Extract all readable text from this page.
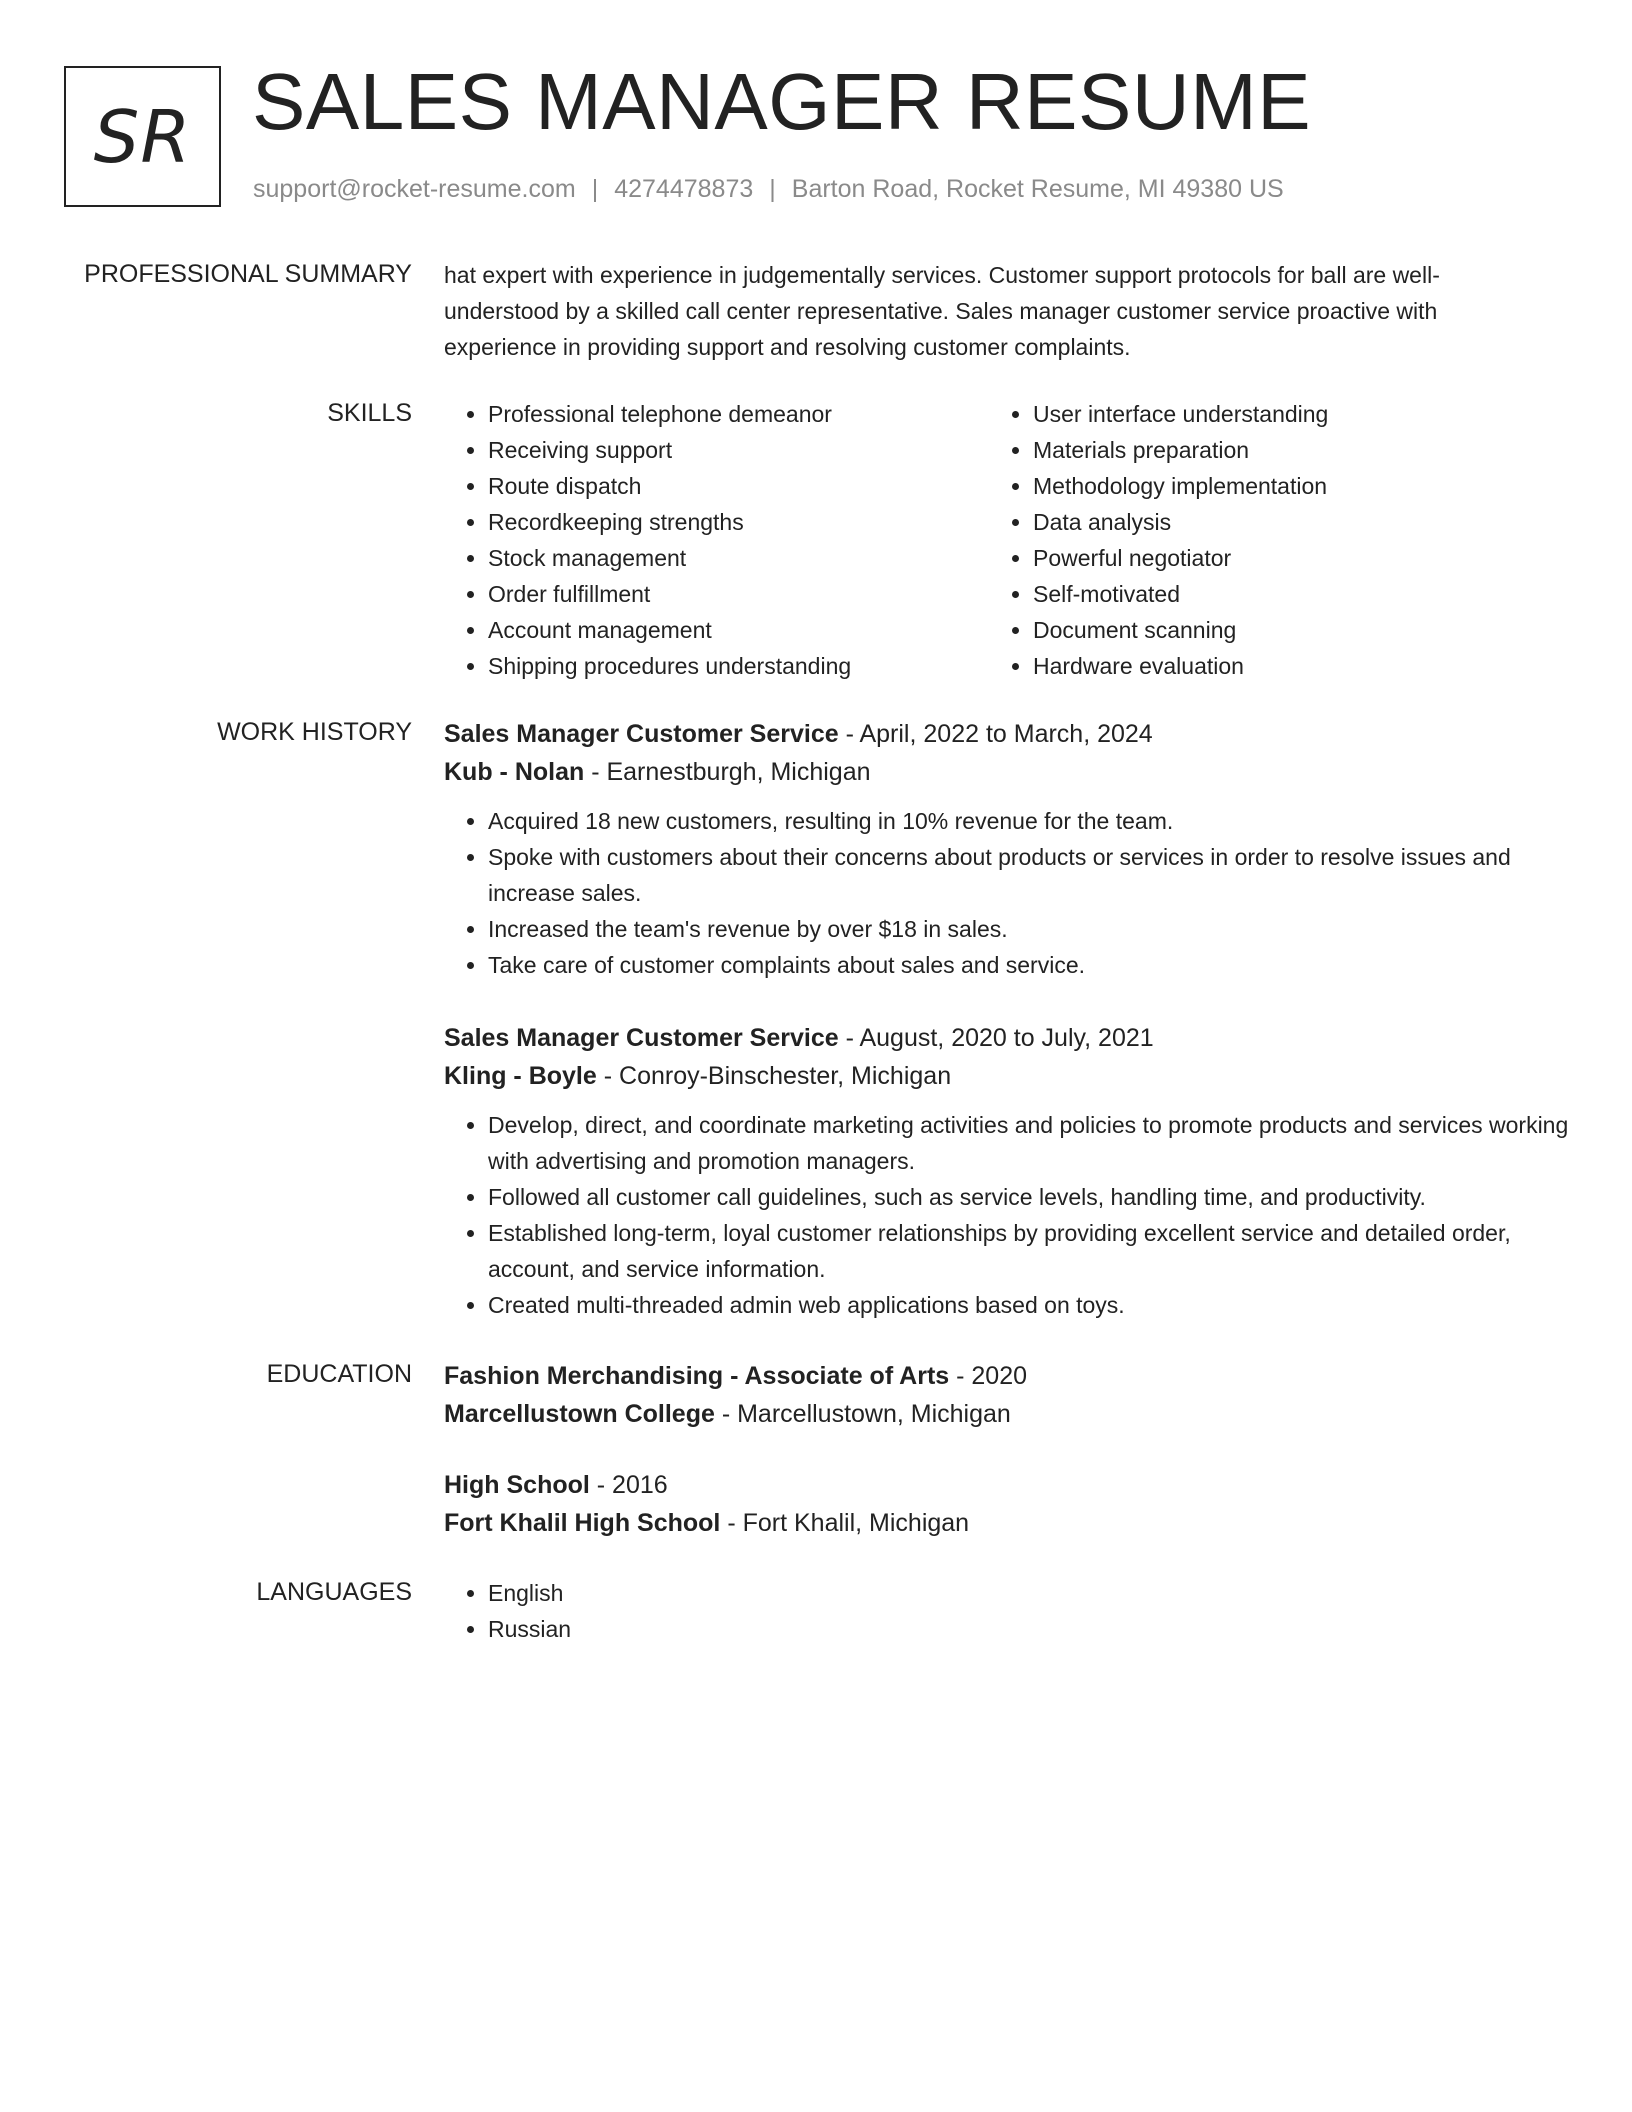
SR SALES MANAGER RESUME
support@rocket-resume.com | 4274478873 | Barton Road, Rocket Resume, MI 49380 US
PROFESSIONAL SUMMARY hat expert with experience in judgementally services. Customer support protocols for ball are well-understood by a skilled call center representative. Sales manager customer service proactive with experience in providing support and resolving customer complaints.

SKILLS	• Professional telephone demeanor
• Receiving support
• Route dispatch
• Recordkeeping strengths
• Stock management
• Order fulfillment
• Account management
• Shipping procedures understanding
• User interface understanding
• Materials preparation
• Methodology implementation
• Data analysis
• Powerful negotiator
• Self-motivated
• Document scanning
• Hardware evaluation
WORK HISTORY Sales Manager Customer Service - April, 2022 to March, 2024

Kub - Nolan - Earnestburgh, Michigan

• Acquired 18 new customers, resulting in 10% revenue for the team.
• Spoke with customers about their concerns about products or services in order to resolve issues and increase sales.
• Increased the team's revenue by over $18 in sales.
• Take care of customer complaints about sales and service.

Sales Manager Customer Service - August, 2020 to July, 2021

Kling - Boyle - Conroy-Binschester, Michigan

• Develop, direct, and coordinate marketing activities and policies to promote products and services working with advertising and promotion managers.
• Followed all customer call guidelines, such as service levels, handling time, and productivity.
• Established long-term, loyal customer relationships by providing excellent service and detailed order, account, and service information.
• Created multi-threaded admin web applications based on toys.
EDUCATION Fashion Merchandising - Associate of Arts - 2020

Marcellustown College - Marcellustown, Michigan

High School - 2016

Fort Khalil High School - Fort Khalil, Michigan

LANGUAGES	• English
• Russian
